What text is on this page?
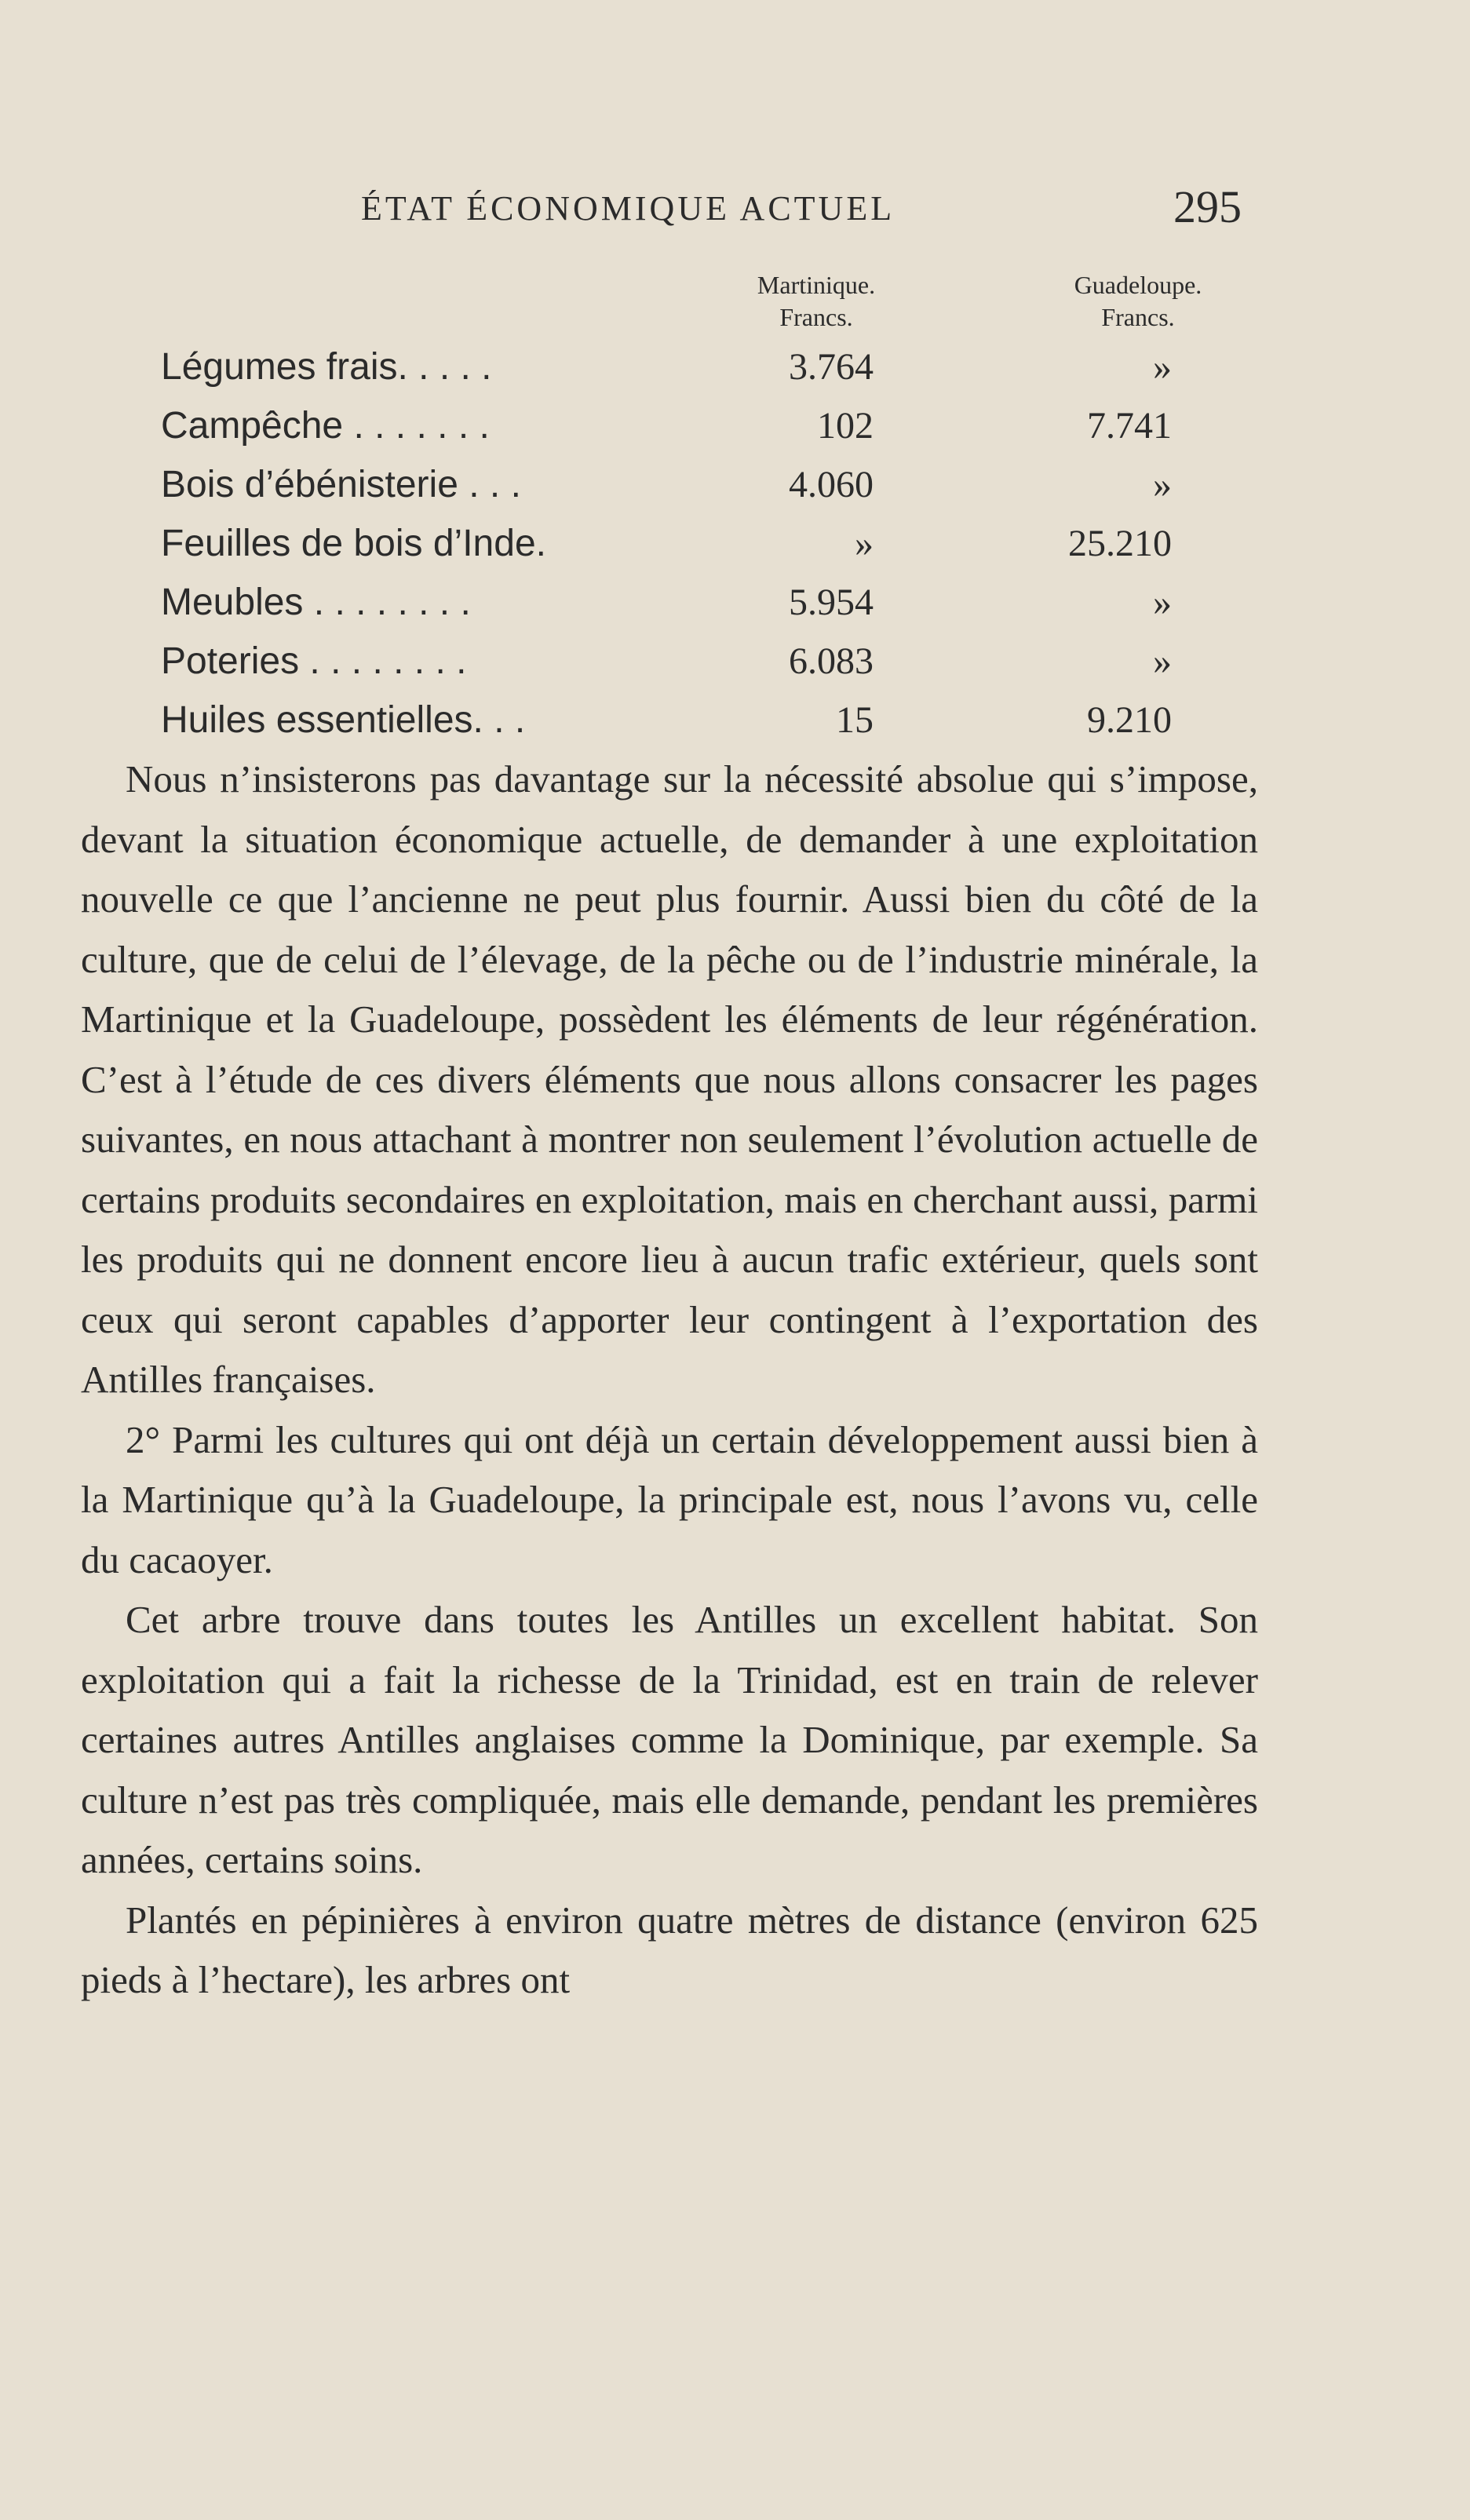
ÉTAT ÉCONOMIQUE ACTUEL	295
Martinique.
Francs.
Guadeloupe.
Francs.
Légumes frais. . . . .	3.764	»
Campêche . . . . . . .	102	7.741
Bois d’ébénisterie . . .	4.060	»
Feuilles de bois d’Inde.	»	25.210
Meubles . . . . . . . .	5.954	»
Poteries . . . . . . . .	6.083	»
Huiles essentielles. . .	15	9.210

Nous n’insisterons pas davantage sur la nécessité absolue qui s’impose, devant la situation économique actuelle, de demander à une exploitation nouvelle ce que l’ancienne ne peut plus fournir. Aussi bien du côté de la culture, que de celui de l’élevage, de la pêche ou de l’industrie minérale, la Martinique et la Guadeloupe, possèdent les éléments de leur régénération. C’est à l’étude de ces divers éléments que nous allons consacrer les pages suivantes, en nous attachant à montrer non seulement l’évolution actuelle de certains produits secondaires en exploitation, mais en cherchant aussi, parmi les produits qui ne donnent encore lieu à aucun trafic extérieur, quels sont ceux qui seront capables d’apporter leur contingent à l’exportation des Antilles françaises.

2° Parmi les cultures qui ont déjà un certain développement aussi bien à la Martinique qu’à la Guadeloupe, la principale est, nous l’avons vu, celle du cacaoyer.

Cet arbre trouve dans toutes les Antilles un excellent habitat. Son exploitation qui a fait la richesse de la Trinidad, est en train de relever certaines autres Antilles anglaises comme la Dominique, par exemple. Sa culture n’est pas très compliquée, mais elle demande, pendant les premières années, certains soins.

Plantés en pépinières à environ quatre mètres de distance (environ 625 pieds à l’hectare), les arbres ont
